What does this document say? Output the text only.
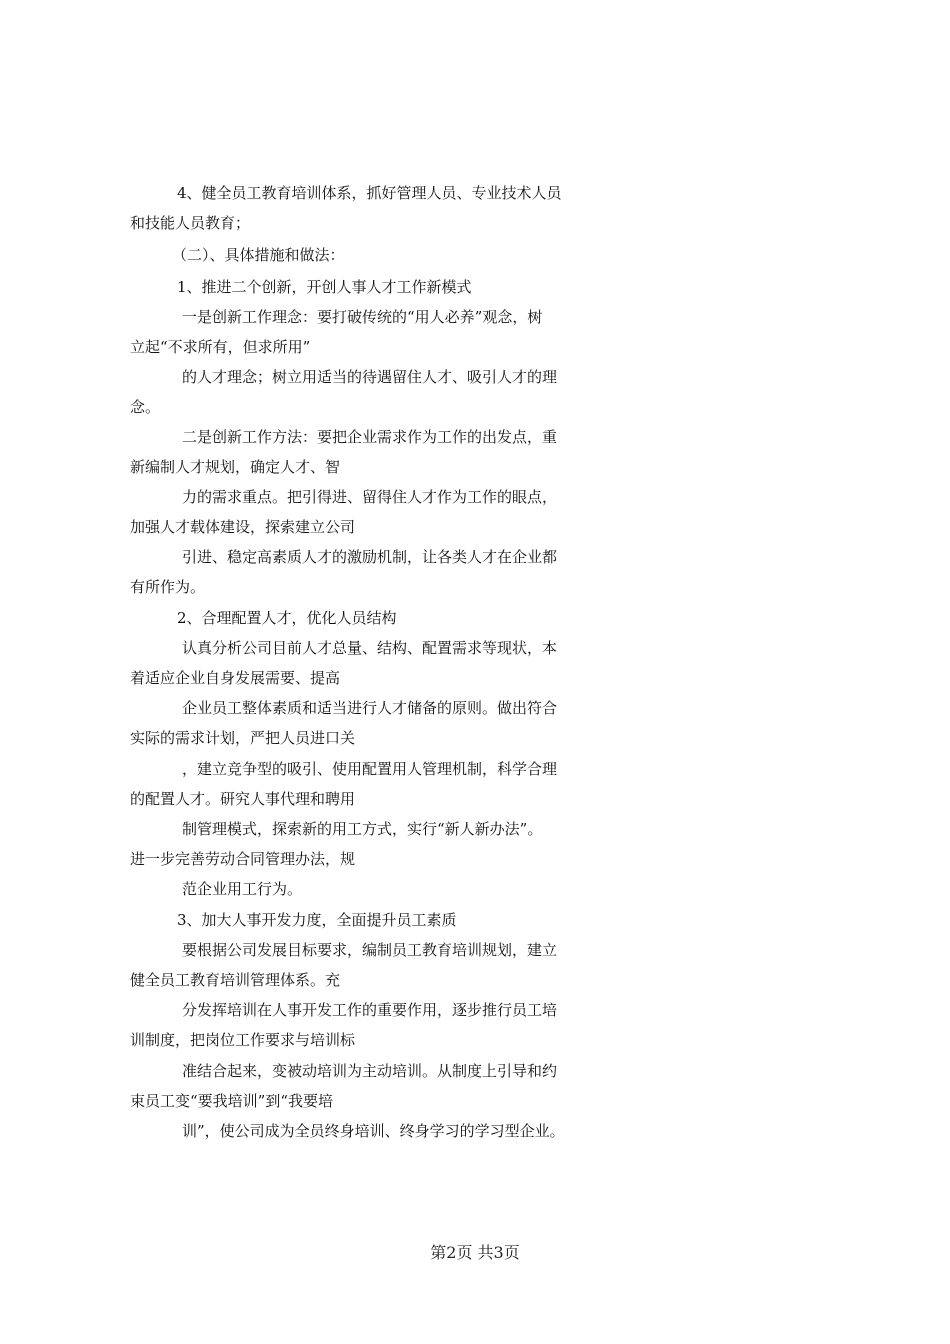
4、健全员工教育培训体系，抓好管理人员、专业技术人员
和技能人员教育；
（二）、具体措施和做法：
1、推进二个创新，开创人事人才工作新模式
一是创新工作理念：要打破传统的“用人必养”观念，树
立起“不求所有，但求所用”
的人才理念；树立用适当的待遇留住人才、吸引人才的理
念。
二是创新工作方法：要把企业需求作为工作的出发点，重
新编制人才规划，确定人才、智
力的需求重点。把引得进、留得住人才作为工作的眼点，
加强人才载体建设，探索建立公司
引进、稳定高素质人才的激励机制，让各类人才在企业都
有所作为。
2、合理配置人才，优化人员结构
认真分析公司目前人才总量、结构、配置需求等现状，本
着适应企业自身发展需要、提高
企业员工整体素质和适当进行人才储备的原则。做出符合
实际的需求计划，严把人员进口关
，建立竞争型的吸引、使用配置用人管理机制，科学合理
的配置人才。研究人事代理和聘用
制管理模式，探索新的用工方式，实行“新人新办法”。
进一步完善劳动合同管理办法，规
范企业用工行为。
3、加大人事开发力度，全面提升员工素质
要根据公司发展目标要求，编制员工教育培训规划，建立
健全员工教育培训管理体系。充
分发挥培训在人事开发工作的重要作用，逐步推行员工培
训制度，把岗位工作要求与培训标
准结合起来，变被动培训为主动培训。从制度上引导和约
束员工变“要我培训”到“我要培
训”，使公司成为全员终身培训、终身学习的学习型企业。
第2页 共3页
